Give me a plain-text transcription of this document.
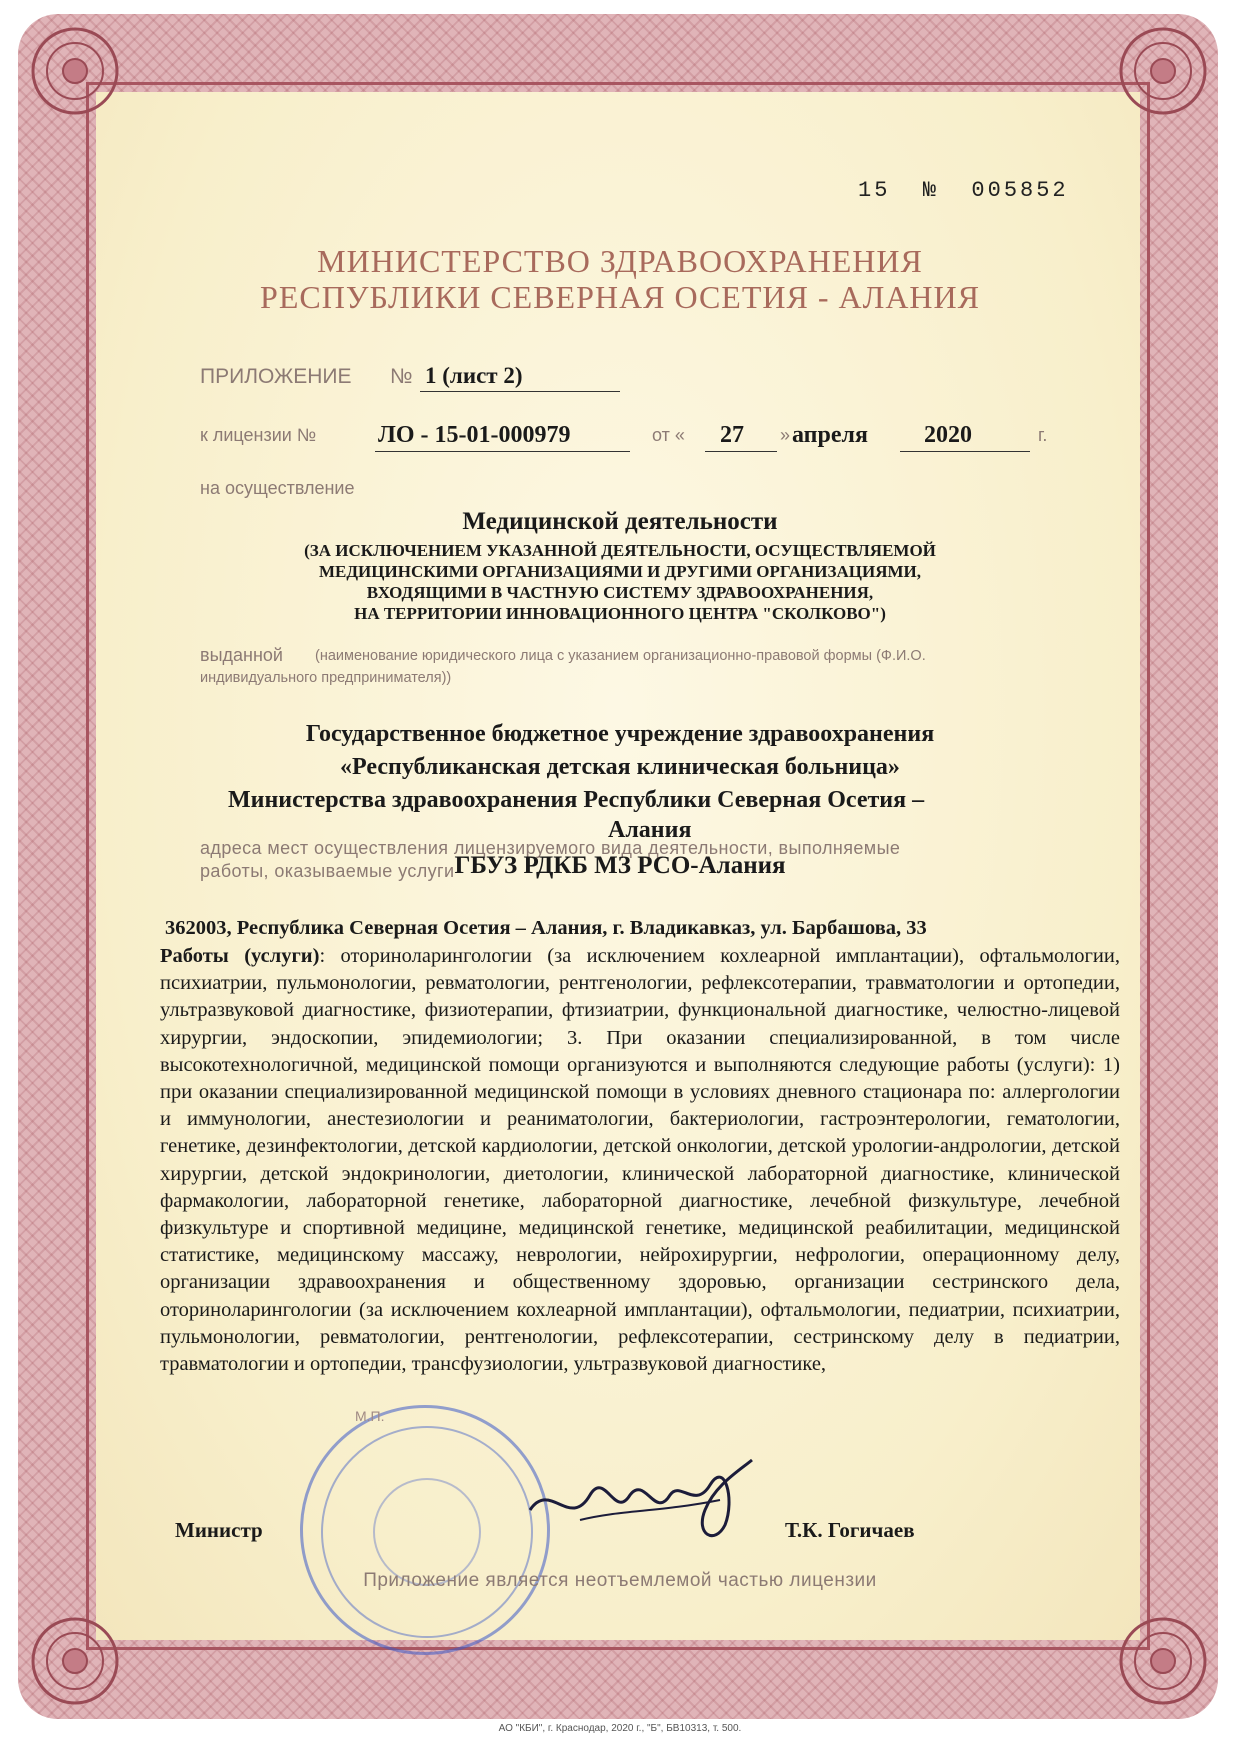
15 № 005852
МИНИСТЕРСТВО ЗДРАВООХРАНЕНИЯ
РЕСПУБЛИКИ СЕВЕРНАЯ ОСЕТИЯ - АЛАНИЯ
ПРИЛОЖЕНИЕ № 1 (лист 2)
к лицензии №	ЛО - 15-01-000979	от « 27 » апреля 2020	г.
на осуществление
Медицинской деятельности
(ЗА ИСКЛЮЧЕНИЕМ УКАЗАННОЙ ДЕЯТЕЛЬНОСТИ, ОСУЩЕСТВЛЯЕМОЙ
МЕДИЦИНСКИМИ ОРГАНИЗАЦИЯМИ И ДРУГИМИ ОРГАНИЗАЦИЯМИ,
ВХОДЯЩИМИ В ЧАСТНУЮ СИСТЕМУ ЗДРАВООХРАНЕНИЯ,
НА ТЕРРИТОРИИ ИННОВАЦИОННОГО ЦЕНТРА "СКОЛКОВО")
выданной (наименование юридического лица с указанием организационно-правовой формы (Ф.И.О.
индивидуального предпринимателя))
Государственное бюджетное учреждение здравоохранения
«Республиканская детская клиническая больница»
Министерства здравоохранения Республики Северная Осетия –
адреса мест осуществления лицензируемого вида деятельности, выполняемые
работы, оказываемые услуги
Алания
ГБУЗ РДКБ МЗ РСО-Алания
362003, Республика Северная Осетия – Алания, г. Владикавказ, ул. Барбашова, 33
Работы (услуги): оториноларингологии (за исключением кохлеарной имплантации), офтальмологии, психиатрии, пульмонологии, ревматологии, рентгенологии, рефлексотерапии, травматологии и ортопедии, ультразвуковой диагностике, физиотерапии, фтизиатрии, функциональной диагностике, челюстно-лицевой хирургии, эндоскопии, эпидемиологии; 3. При оказании специализированной, в том числе высокотехнологичной, медицинской помощи организуются и выполняются следующие работы (услуги): 1) при оказании специализированной медицинской помощи в условиях дневного стационара по: аллергологии и иммунологии, анестезиологии и реаниматологии, бактериологии, гастроэнтерологии, гематологии, генетике, дезинфектологии, детской кардиологии, детской онкологии, детской урологии-андрологии, детской хирургии, детской эндокринологии, диетологии, клинической лабораторной диагностике, клинической фармакологии, лабораторной генетике, лабораторной диагностике, лечебной физкультуре, лечебной физкультуре и спортивной медицине, медицинской генетике, медицинской реабилитации, медицинской статистике, медицинскому массажу, неврологии, нейрохирургии, нефрологии, операционному делу, организации здравоохранения и общественному здоровью, организации сестринского дела, оториноларингологии (за исключением кохлеарной имплантации), офтальмологии, педиатрии, психиатрии, пульмонологии, ревматологии, рентгенологии, рефлексотерапии, сестринскому делу в педиатрии, травматологии и ортопедии, трансфузиологии, ультразвуковой диагностике,
М.П.
Министр	Т.К. Гогичаев
Приложение является неотъемлемой частью лицензии
АО "КБИ", г. Краснодар, 2020 г., "Б", БВ10313, т. 500.
